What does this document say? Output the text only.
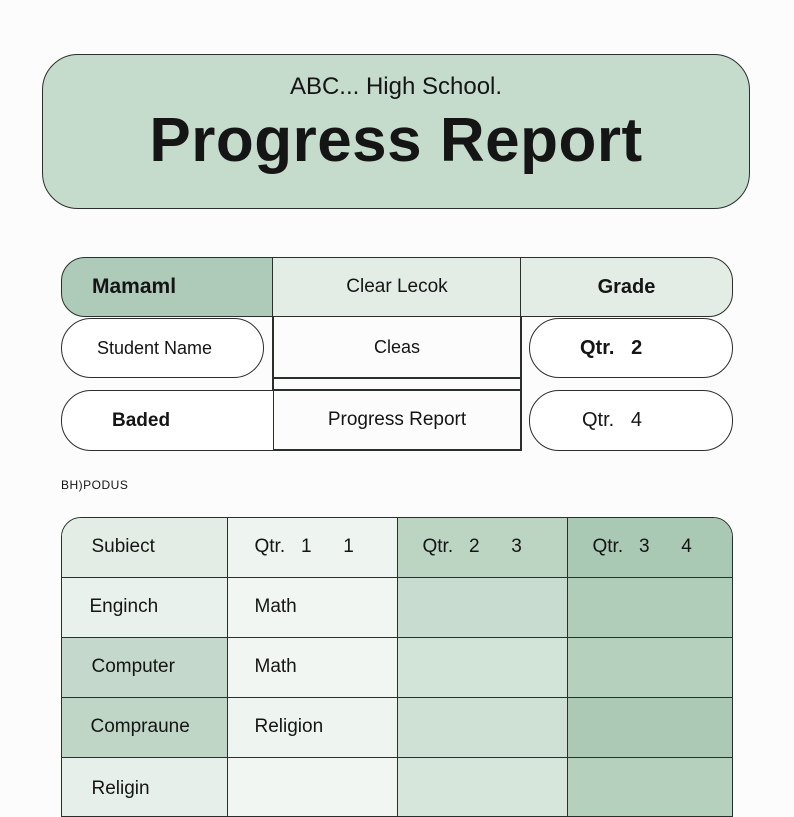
ABC... High School.
Progress Report
Mamaml	Clear Lecok	Grade
Student Name	Cleas	Qtr.   2
Baded	Progress Report	Qtr.   4
BH)PODUS
Subiect	Qtr.   1      1	Qtr.   2      3	Qtr.   3      4

Enginch	Math		

Computer	Math		

Compraune	Religion		

Religin			
